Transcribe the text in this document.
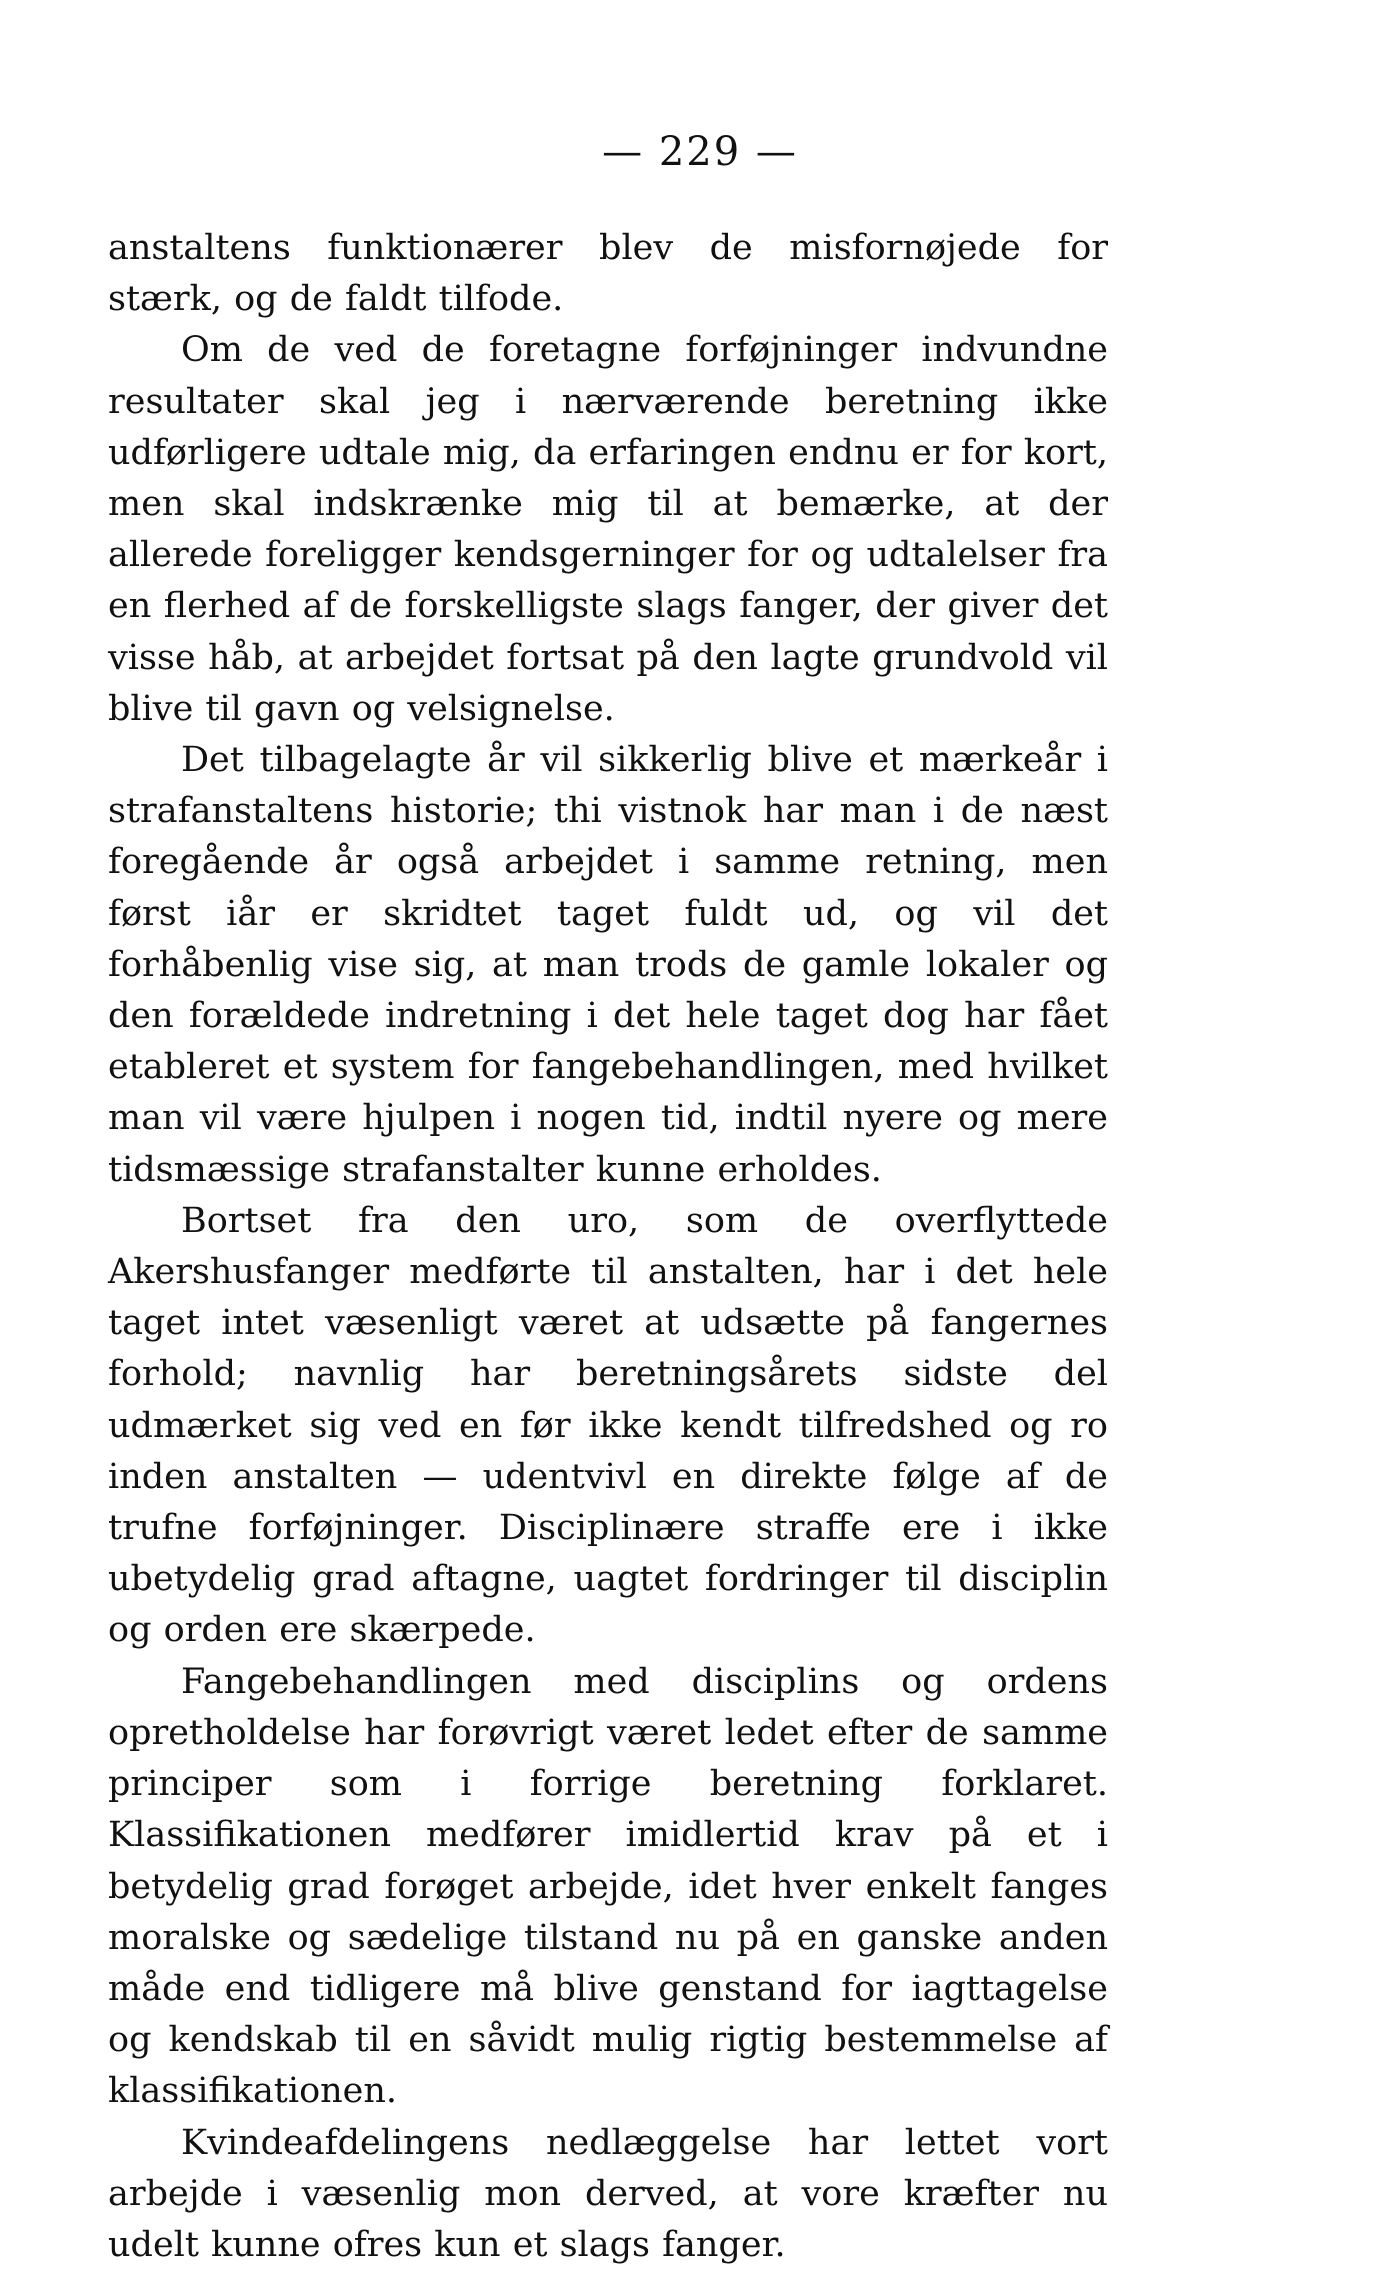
— 229 —

anstaltens funktionærer blev de misfornøjede for stærk, og de faldt tilfode.

Om de ved de foretagne forføjninger indvundne resultater skal jeg i nærværende beretning ikke udførligere udtale mig, da erfaringen endnu er for kort, men skal indskrænke mig til at bemærke, at der allerede foreligger kendsgerninger for og udtalelser fra en flerhed af de forskelligste slags fanger, der giver det visse håb, at arbejdet fortsat på den lagte grundvold vil blive til gavn og velsignelse.

Det tilbagelagte år vil sikkerlig blive et mærkeår i strafanstaltens historie; thi vistnok har man i de næst foregående år også arbejdet i samme retning, men først iår er skridtet taget fuldt ud, og vil det forhåbenlig vise sig, at man trods de gamle lokaler og den forældede indretning i det hele taget dog har fået etableret et system for fangebehandlingen, med hvilket man vil være hjulpen i nogen tid, indtil nyere og mere tidsmæssige strafanstalter kunne erholdes.

Bortset fra den uro, som de overflyttede Akershusfanger medførte til anstalten, har i det hele taget intet væsenligt været at udsætte på fangernes forhold; navnlig har beretningsårets sidste del udmærket sig ved en før ikke kendt tilfredshed og ro inden anstalten — udentvivl en direkte følge af de trufne forføjninger. Disciplinære straffe ere i ikke ubetydelig grad aftagne, uagtet fordringer til disciplin og orden ere skærpede.

Fangebehandlingen med disciplins og ordens opretholdelse har forøvrigt været ledet efter de samme principer som i forrige beretning forklaret. Klassifikationen medfører imidlertid krav på et i betydelig grad forøget arbejde, idet hver enkelt fanges moralske og sædelige tilstand nu på en ganske anden måde end tidligere må blive genstand for iagttagelse og kendskab til en såvidt mulig rigtig bestemmelse af klassifikationen.

Kvindeafdelingens nedlæggelse har lettet vort arbejde i væsenlig mon derved, at vore kræfter nu udelt kunne ofres kun et slags fanger.
